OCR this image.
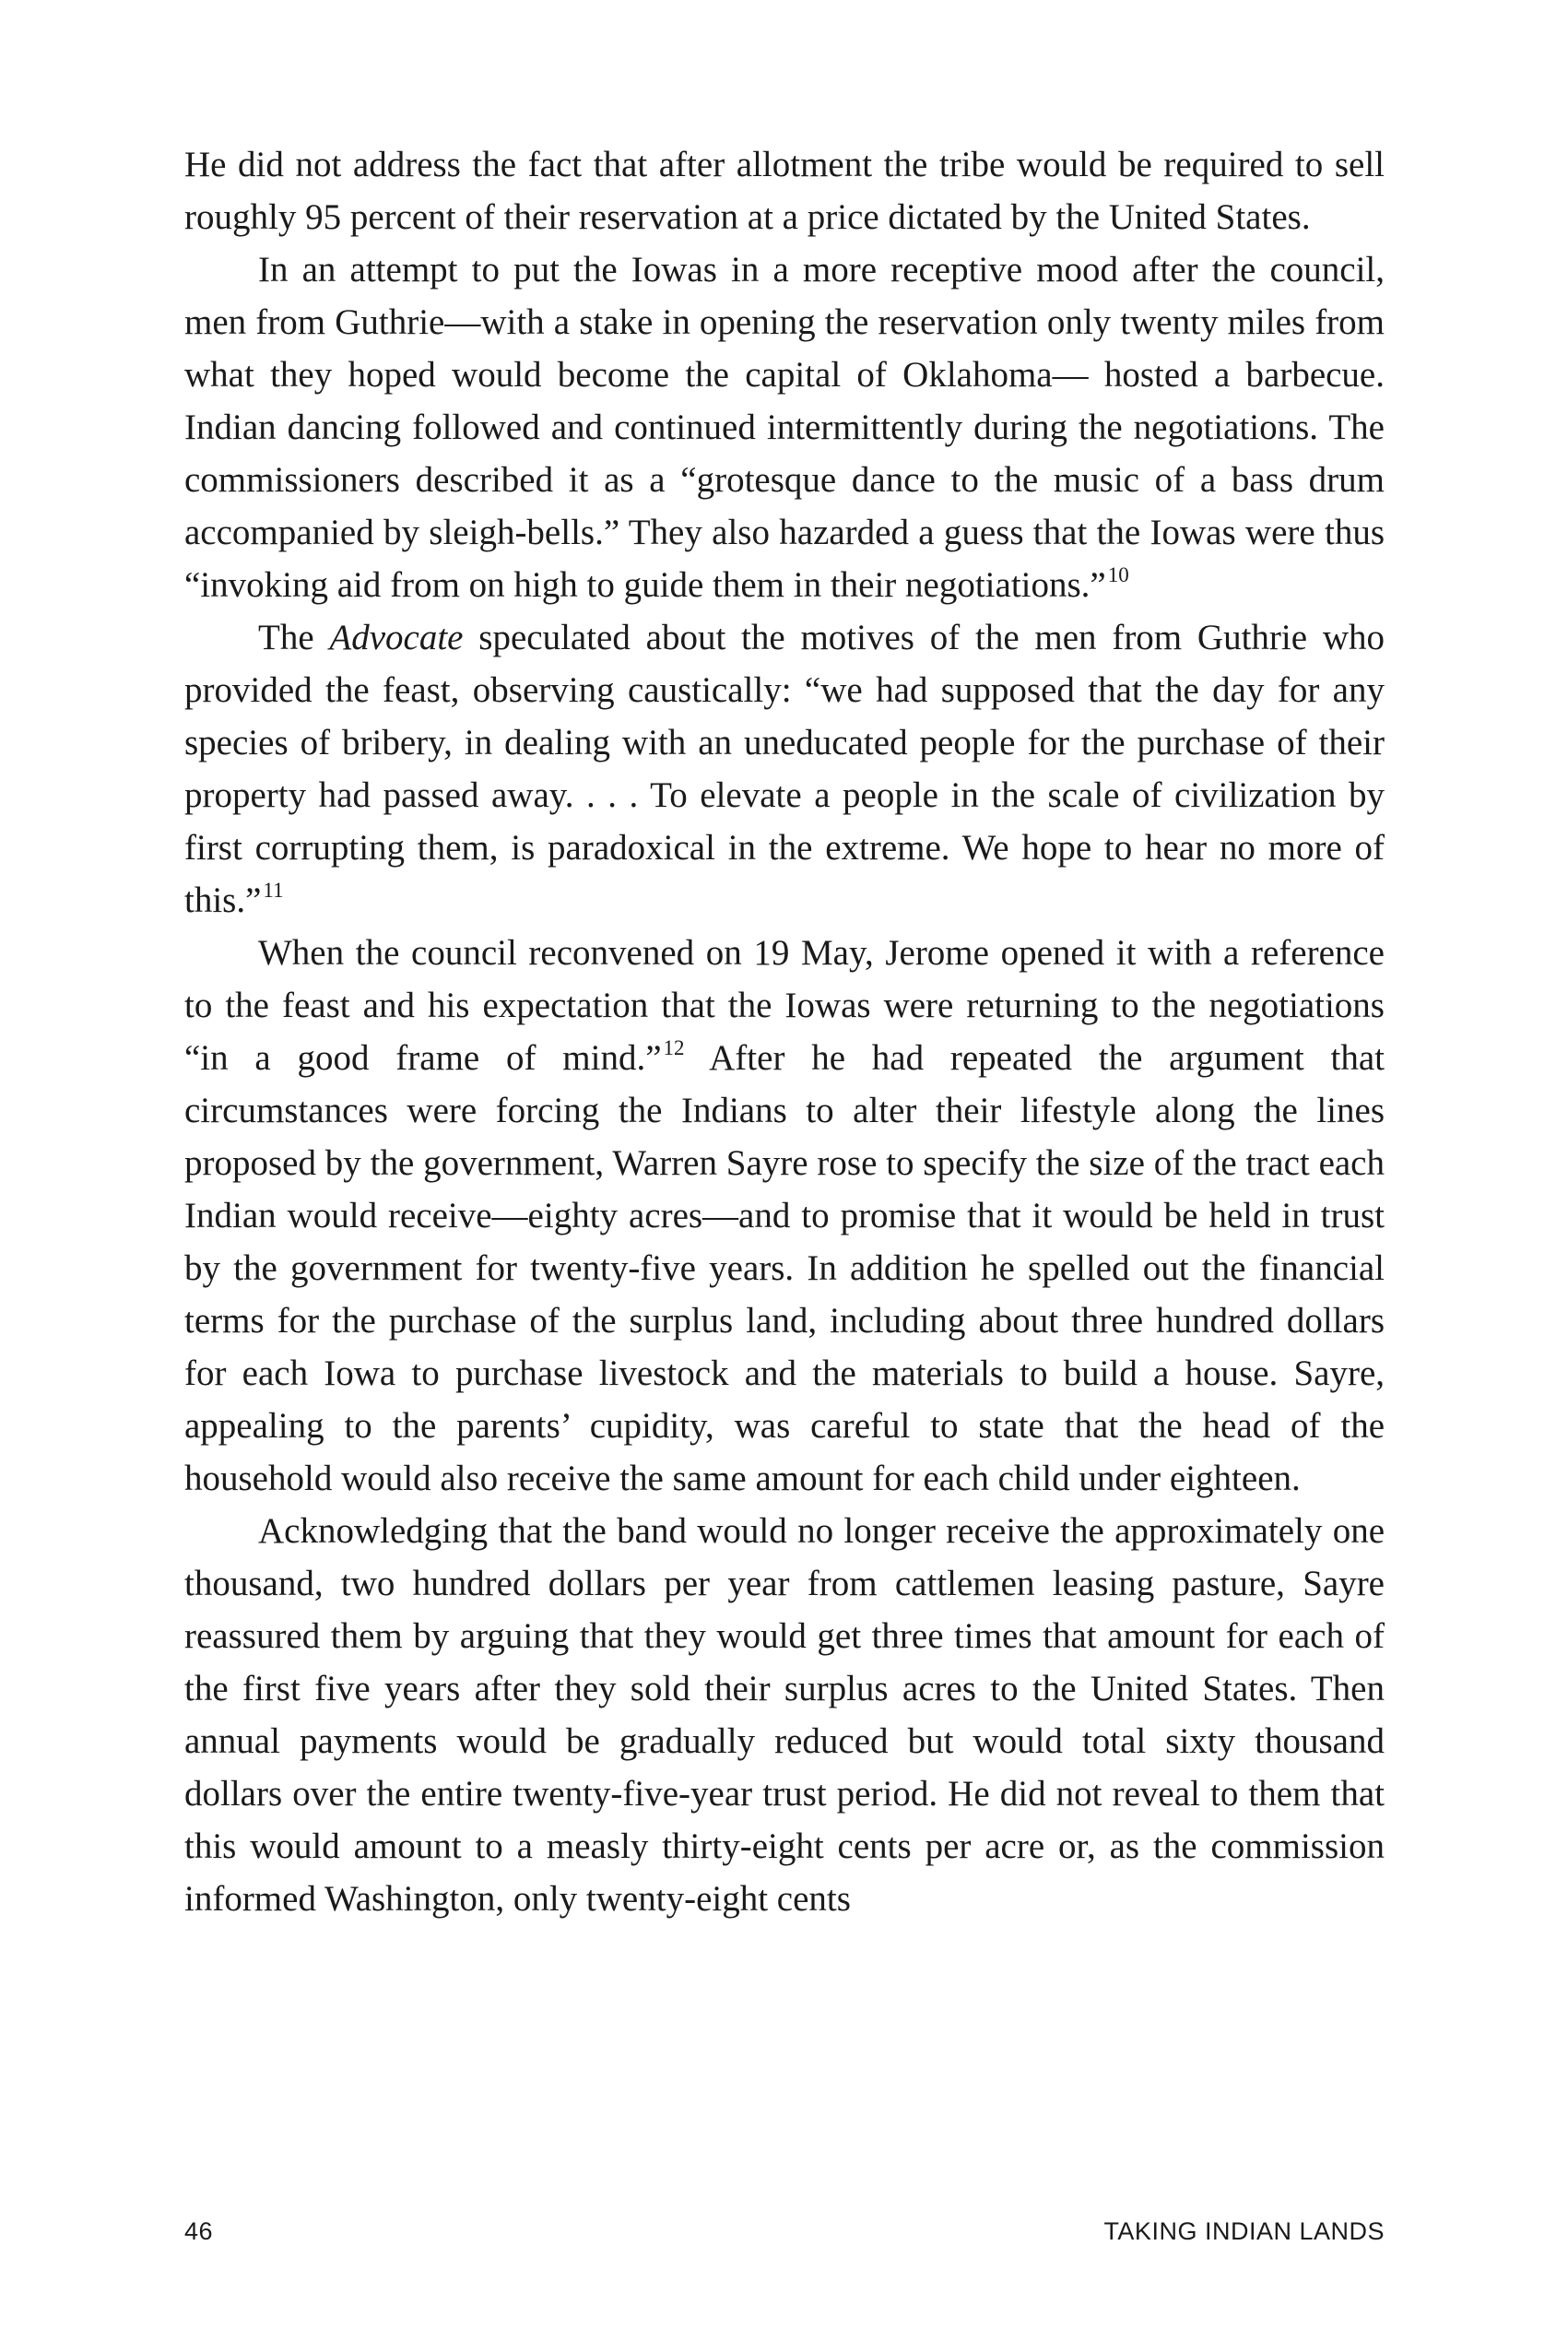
He did not address the fact that after allotment the tribe would be required to sell roughly 95 percent of their reservation at a price dictated by the United States.

In an attempt to put the Iowas in a more receptive mood after the council, men from Guthrie—with a stake in opening the reservation only twenty miles from what they hoped would become the capital of Oklahoma— hosted a barbecue. Indian dancing followed and continued intermittently during the negotiations. The commissioners described it as a “grotesque dance to the music of a bass drum accompanied by sleigh-bells.” They also hazarded a guess that the Iowas were thus “invoking aid from on high to guide them in their negotiations.”$^{10}$

The Advocate speculated about the motives of the men from Guthrie who provided the feast, observing caustically: “we had supposed that the day for any species of bribery, in dealing with an uneducated people for the purchase of their property had passed away. . . . To elevate a people in the scale of civilization by first corrupting them, is paradoxical in the extreme. We hope to hear no more of this.”$^{11}$

When the council reconvened on 19 May, Jerome opened it with a reference to the feast and his expectation that the Iowas were returning to the negotiations “in a good frame of mind.”$^{12}$ After he had repeated the argument that circumstances were forcing the Indians to alter their lifestyle along the lines proposed by the government, Warren Sayre rose to specify the size of the tract each Indian would receive—eighty acres—and to promise that it would be held in trust by the government for twenty-five years. In addition he spelled out the financial terms for the purchase of the surplus land, including about three hundred dollars for each Iowa to purchase livestock and the materials to build a house. Sayre, appealing to the parents’ cupidity, was careful to state that the head of the household would also receive the same amount for each child under eighteen.

Acknowledging that the band would no longer receive the approximately one thousand, two hundred dollars per year from cattlemen leasing pasture, Sayre reassured them by arguing that they would get three times that amount for each of the first five years after they sold their surplus acres to the United States. Then annual payments would be gradually reduced but would total sixty thousand dollars over the entire twenty-five-year trust period. He did not reveal to them that this would amount to a measly thirty-eight cents per acre or, as the commission informed Washington, only twenty-eight cents

46	TAKING INDIAN LANDS
